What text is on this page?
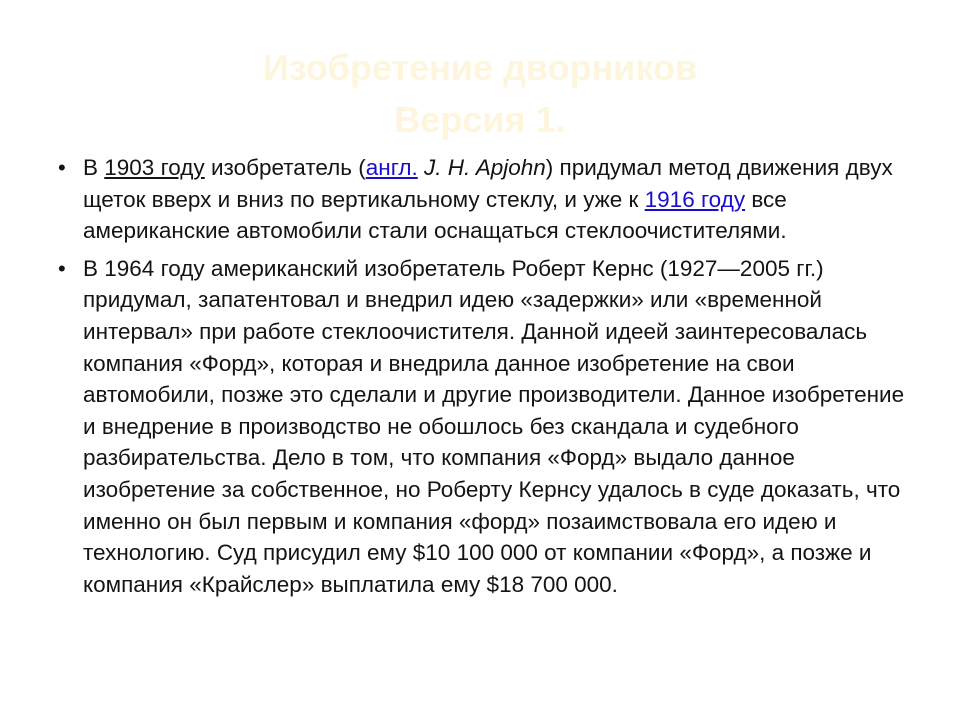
Изобретение дворников
Версия 1.
• В 1903 году изобретатель (англ. J. H. Apjohn) придумал метод движения двух щеток вверх и вниз по вертикальному стеклу, и уже к 1916 году все американские автомобили стали оснащаться стеклоочистителями.
• В 1964 году американский изобретатель Роберт Кернс (1927—2005 гг.) придумал, запатентовал и внедрил идею «задержки» или «временной интервал» при работе стеклоочистителя. Данной идеей заинтересовалась компания «Форд», которая и внедрила данное изобретение на свои автомобили, позже это сделали и другие производители. Данное изобретение и внедрение в производство не обошлось без скандала и судебного разбирательства. Дело в том, что компания «Форд» выдало данное изобретение за собственное, но Роберту Кернсу удалось в суде доказать, что именно он был первым и компания «форд» позаимствовала его идею и технологию. Суд присудил ему $10 100 000 от компании «Форд», а позже и компания «Крайслер» выплатила ему $18 700 000.
